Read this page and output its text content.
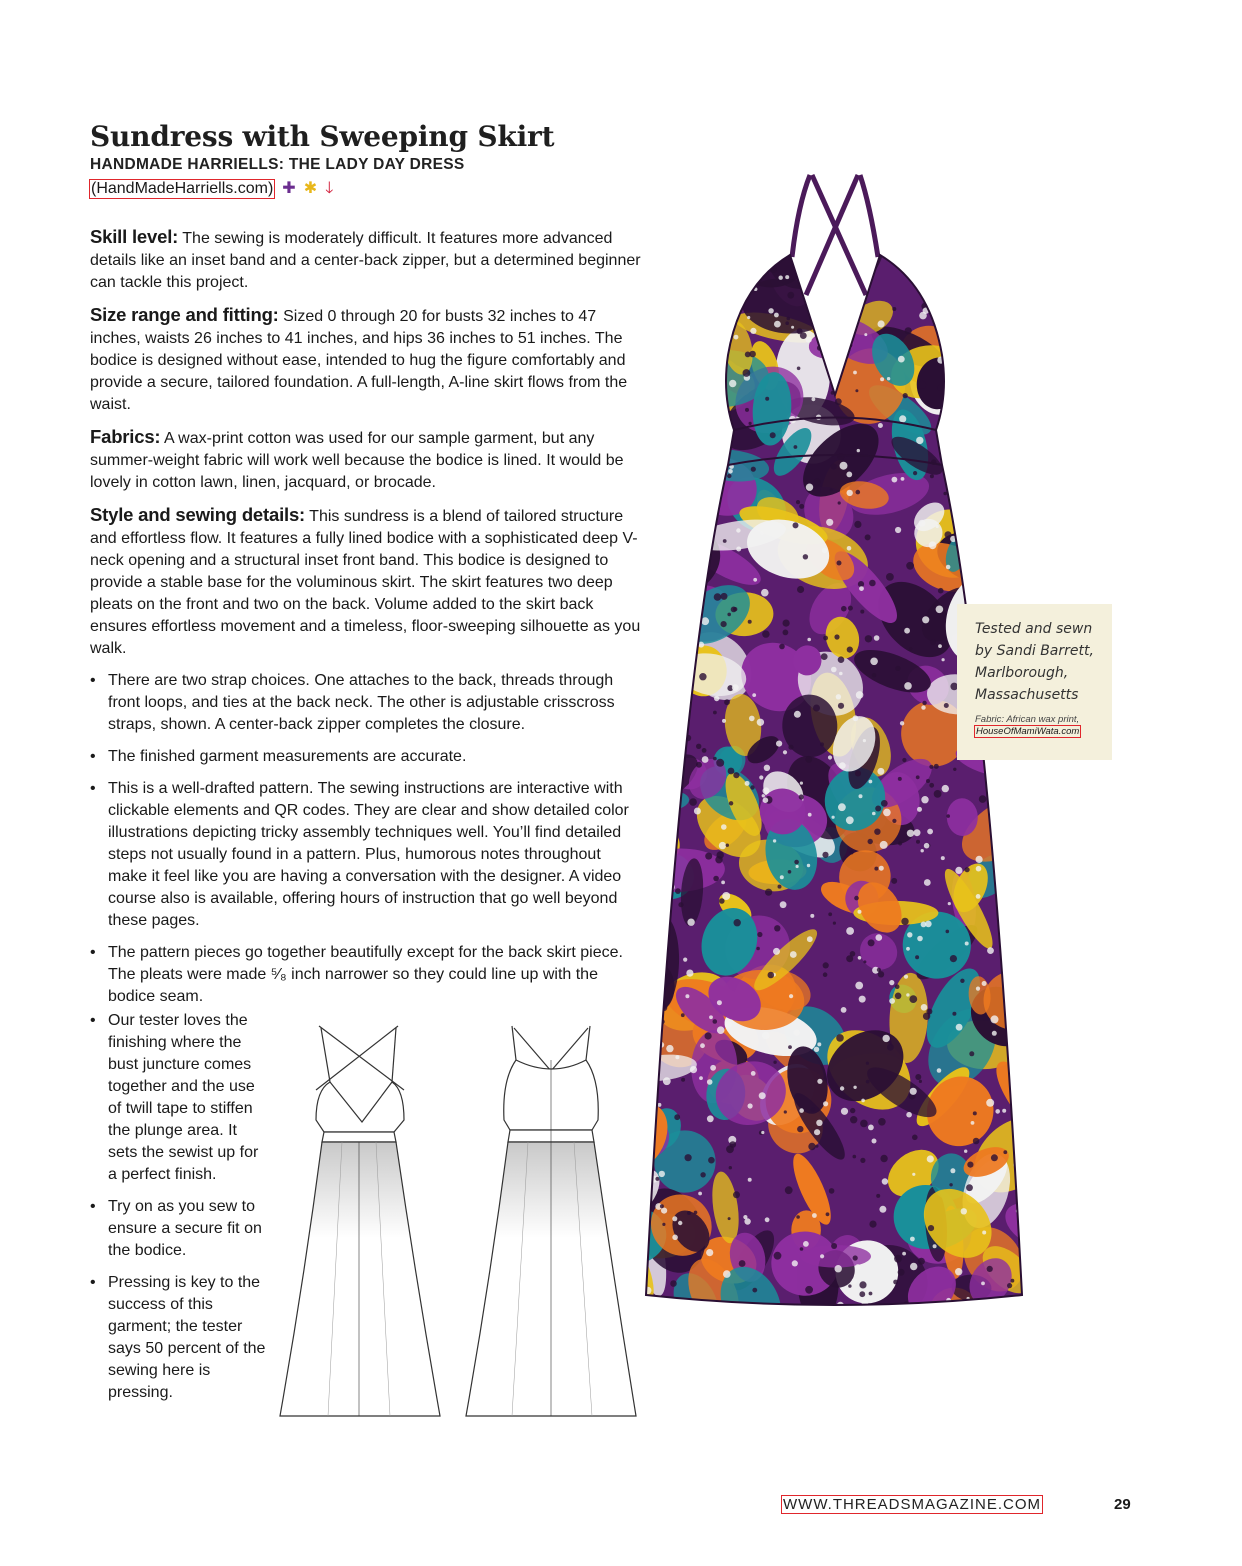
Sundress with Sweeping Skirt
HANDMADE HARRIELLS: THE LADY DAY DRESS
(HandMadeHarriells.com) ✚ ✱ 🡓

Skill level: The sewing is moderately difficult. It features more advanced details like an inset band and a center-back zipper, but a determined beginner can tackle this project.

Size range and fitting: Sized 0 through 20 for busts 32 inches to 47 inches, waists 26 inches to 41 inches, and hips 36 inches to 51 inches. The bodice is designed without ease, intended to hug the figure comfortably and provide a secure, tailored foundation. A full-length, A-line skirt flows from the waist.

Fabrics: A wax-print cotton was used for our sample garment, but any summer-weight fabric will work well because the bodice is lined. It would be lovely in cotton lawn, linen, jacquard, or brocade.

Style and sewing details: This sundress is a blend of tailored structure and effortless flow. It features a fully lined bodice with a sophisticated deep V-neck opening and a structural inset front band. This bodice is designed to provide a stable base for the voluminous skirt. The skirt features two deep pleats on the front and two on the back. Volume added to the skirt back ensures effortless movement and a timeless, floor-sweeping silhouette as you walk.

• There are two strap choices. One attaches to the back, threads through front loops, and ties at the back neck. The other is adjustable crisscross straps, shown. A center-back zipper completes the closure.
• The finished garment measurements are accurate.
• This is a well-drafted pattern. The sewing instructions are interactive with clickable elements and QR codes. They are clear and show detailed color illustrations depicting tricky assembly techniques well. You’ll find detailed steps not usually found in a pattern. Plus, humorous notes throughout make it feel like you are having a conversation with the designer. A video course also is available, offering hours of instruction that go well beyond these pages.
• The pattern pieces go together beautifully except for the back skirt piece. The pleats were made ⁵⁄₈ inch narrower so they could line up with the bodice seam.
• Our tester loves the finishing where the bust juncture comes together and the use of twill tape to stiffen the plunge area. It sets the sewist up for a perfect finish.
• Try on as you sew to ensure a secure fit on the bodice.
• Pressing is key to the success of this garment; the tester says 50 percent of the sewing here is pressing.
Tested and sewn by Sandi Barrett, Marlborough, Massachusetts
Fabric: African wax print,
HouseOfMamiWata.com
WWW.THREADSMAGAZINE.COM	29
